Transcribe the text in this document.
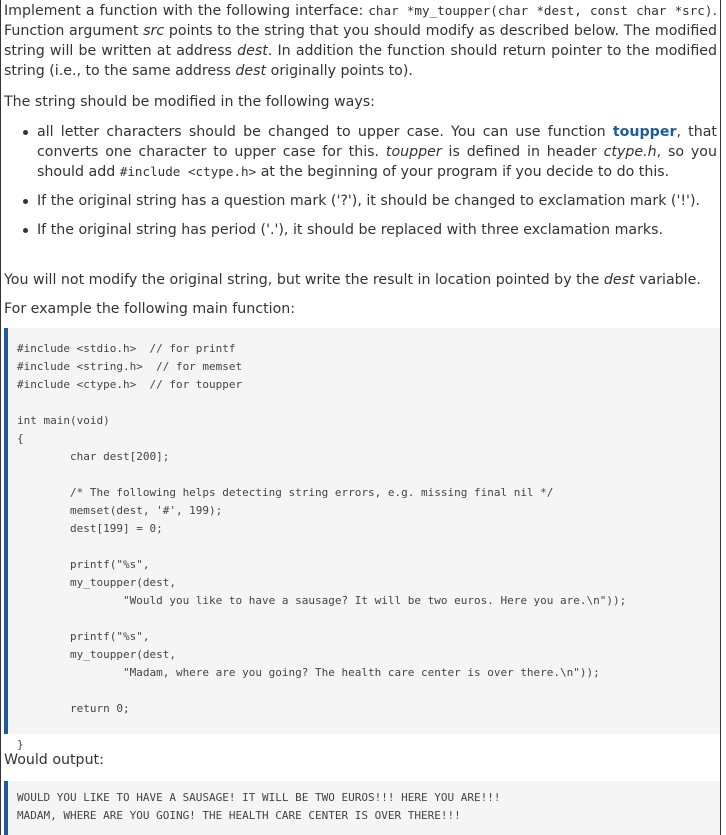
Implement a function with the following interface: char *my_toupper(char *dest, const char *src). Function argument src points to the string that you should modify as described below. The modified string will be written at address dest. In addition the function should return pointer to the modified string (i.e., to the same address dest originally points to).

The string should be modified in the following ways:

all letter characters should be changed to upper case. You can use function toupper, that converts one character to upper case for this. toupper is defined in header ctype.h, so you should add #include <ctype.h> at the beginning of your program if you decide to do this.
If the original string has a question mark ('?'), it should be changed to exclamation mark ('!').
If the original string has period ('.'), it should be replaced with three exclamation marks.

You will not modify the original string, but write the result in location pointed by the dest variable.

For example the following main function:

#include <stdio.h>  // for printf
#include <string.h>  // for memset
#include <ctype.h>  // for toupper
int main(void)
{
char dest[200];
/* The following helps detecting string errors, e.g. missing final nil */
memset(dest, '#', 199);
dest[199] = 0;
printf("%s",
my_toupper(dest,
"Would you like to have a sausage? It will be two euros. Here you are.\n"));
printf("%s",
my_toupper(dest,
"Madam, where are you going? The health care center is over there.\n"));
return 0;
}

Would output:

WOULD YOU LIKE TO HAVE A SAUSAGE! IT WILL BE TWO EUROS!!! HERE YOU ARE!!!
MADAM, WHERE ARE YOU GOING! THE HEALTH CARE CENTER IS OVER THERE!!!
